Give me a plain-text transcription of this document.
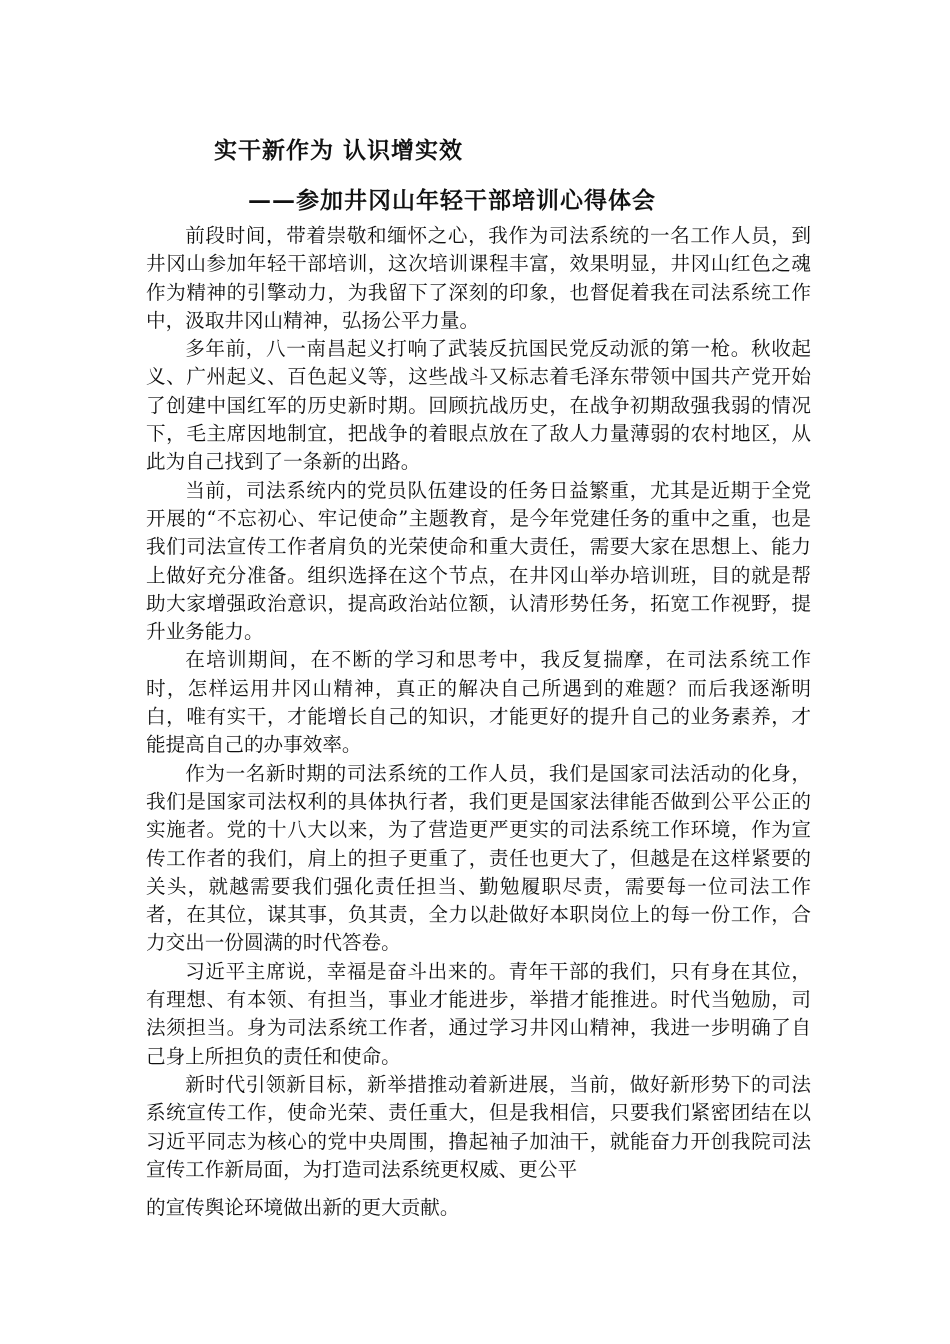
实干新作为 认识增实效
——参加井冈山年轻干部培训心得体会

前段时间，带着崇敬和缅怀之心，我作为司法系统的一名工作人员，到井冈山参加年轻干部培训，这次培训课程丰富，效果明显，井冈山红色之魂作为精神的引擎动力，为我留下了深刻的印象，也督促着我在司法系统工作中，汲取井冈山精神，弘扬公平力量。

多年前，八一南昌起义打响了武装反抗国民党反动派的第一枪。秋收起义、广州起义、百色起义等，这些战斗又标志着毛泽东带领中国共产党开始了创建中国红军的历史新时期。回顾抗战历史，在战争初期敌强我弱的情况下，毛主席因地制宜，把战争的着眼点放在了敌人力量薄弱的农村地区，从此为自己找到了一条新的出路。

当前，司法系统内的党员队伍建设的任务日益繁重，尤其是近期于全党开展的“不忘初心、牢记使命”主题教育，是今年党建任务的重中之重，也是我们司法宣传工作者肩负的光荣使命和重大责任，需要大家在思想上、能力上做好充分准备。组织选择在这个节点，在井冈山举办培训班，目的就是帮助大家增强政治意识，提高政治站位额，认清形势任务，拓宽工作视野，提升业务能力。

在培训期间，在不断的学习和思考中，我反复揣摩，在司法系统工作时，怎样运用井冈山精神，真正的解决自己所遇到的难题？而后我逐渐明白，唯有实干，才能增长自己的知识，才能更好的提升自己的业务素养，才能提高自己的办事效率。

作为一名新时期的司法系统的工作人员，我们是国家司法活动的化身，我们是国家司法权利的具体执行者，我们更是国家法律能否做到公平公正的实施者。党的十八大以来，为了营造更严更实的司法系统工作环境，作为宣传工作者的我们，肩上的担子更重了，责任也更大了，但越是在这样紧要的关头，就越需要我们强化责任担当、勤勉履职尽责，需要每一位司法工作者，在其位，谋其事，负其责，全力以赴做好本职岗位上的每一份工作，合力交出一份圆满的时代答卷。

习近平主席说，幸福是奋斗出来的。青年干部的我们，只有身在其位，有理想、有本领、有担当，事业才能进步，举措才能推进。时代当勉励，司法须担当。身为司法系统工作者，通过学习井冈山精神，我进一步明确了自己身上所担负的责任和使命。

新时代引领新目标，新举措推动着新进展，当前，做好新形势下的司法系统宣传工作，使命光荣、责任重大，但是我相信，只要我们紧密团结在以习近平同志为核心的党中央周围，撸起袖子加油干，就能奋力开创我院司法宣传工作新局面，为打造司法系统更权威、更公平
的宣传舆论环境做出新的更大贡献。
